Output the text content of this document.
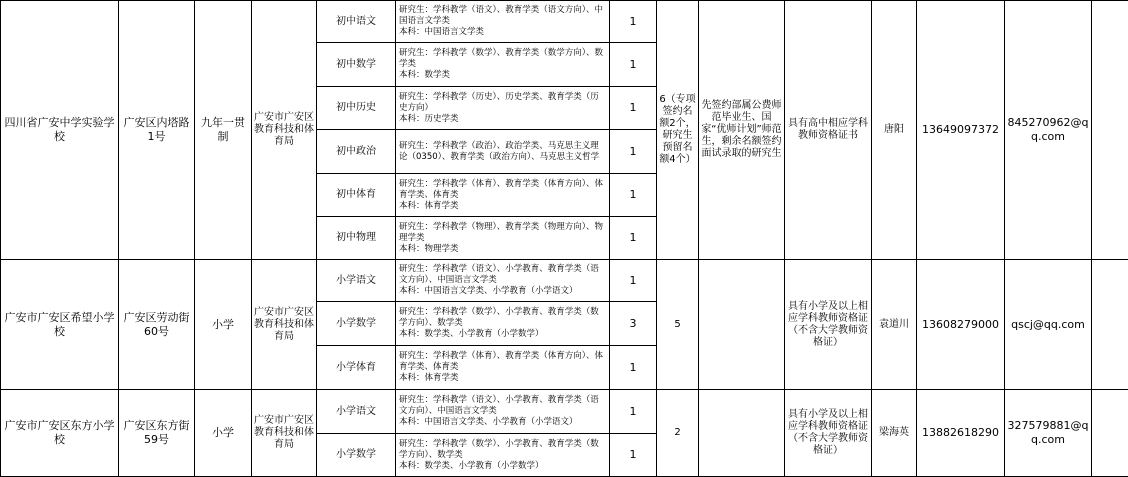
四川省广安中学实验学校	广安区内塔路1号	九年一贯制	广安市广安区教育科技和体育局	初中语文	研究生：学科教学（语文）、教育学类（语文方向）、中国语言文学类
本科：中国语言文学类	1	6（专项签约名额2个，研究生预留名额4个）	先签约部属公费师范毕业生、国家“优师计划”师范生，剩余名额签约面试录取的研究生	具有高中相应学科教师资格证书	唐阳	13649097372	845270962@qq.com	
				初中数学	研究生：学科教学（数学）、教育学类（数学方向）、数学类
本科：数学类	1							
				初中历史	研究生：学科教学（历史）、历史学类、教育学类（历史方向）
本科：历史学类	1							
				初中政治	研究生：学科教学（政治）、政治学类、马克思主义理论（0350）、教育学类（政治方向）、马克思主义哲学	1							
				初中体育	研究生：学科教学（体育）、教育学类（体育方向）、体育学类、体育类
本科：体育学类	1							
				初中物理	研究生：学科教学（物理）、教育学类（物理方向）、物理学类
本科：物理学类	1							
广安市广安区希望小学校	广安区劳动街60号	小学	广安市广安区教育科技和体育局	小学语文	研究生：学科教学（语文）、小学教育、教育学类（语文方向）、中国语言文学类
本科：中国语言文学类、小学教育（小学语文）	1	5		具有小学及以上相应学科教师资格证（不含大学教师资格证）	袁道川	13608279000	qscj@qq.com	
				小学数学	研究生：学科教学（数学）、小学教育、教育学类（数学方向）、数学类
本科：数学类、小学教育（小学数学）	3							
				小学体育	研究生：学科教学（体育）、教育学类（体育方向）、体育学类、体育类
本科：体育学类	1							
广安市广安区东方小学校	广安区东方街59号	小学	广安市广安区教育科技和体育局	小学语文	研究生：学科教学（语文）、小学教育、教育学类（语文方向）、中国语言文学类
本科：中国语言文学类、小学教育（小学语文）	1	2		具有小学及以上相应学科教师资格证（不含大学教师资格证）	梁海英	13882618290	327579881@qq.com	
				小学数学	研究生：学科教学（数学）、小学教育、教育学类（数学方向）、数学类
本科：数学类、小学教育（小学数学）	1							
